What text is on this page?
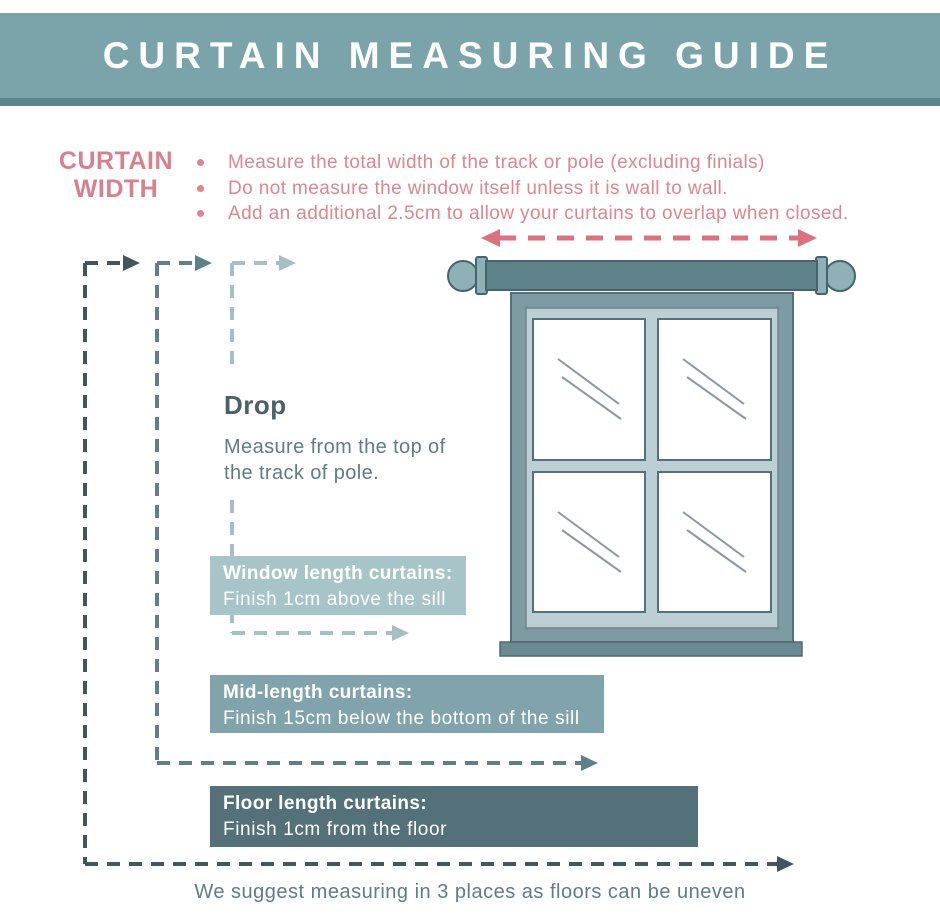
CURTAIN MEASURING GUIDE
CURTAIN WIDTH
Measure the total width of the track or pole (excluding finials)
Do not measure the window itself unless it is wall to wall.
Add an additional 2.5cm to allow your curtains to overlap when closed.
Drop

Measure from the top of the track of pole.

Window length curtains:
Finish 1cm above the sill
Mid-length curtains:
Finish 15cm below the bottom of the sill
Floor length curtains:
Finish 1cm from the floor
We suggest measuring in 3 places as floors can be uneven
